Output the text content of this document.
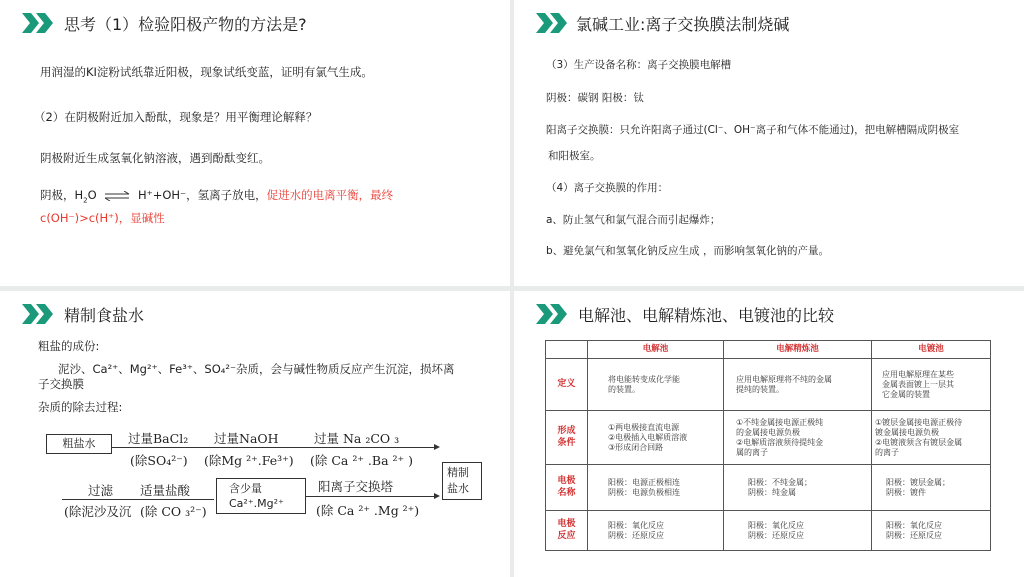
思考（1）检验阳极产物的方法是?
用润湿的KI淀粉试纸靠近阳极，现象试纸变蓝，证明有氯气生成。
（2）在阴极附近加入酚酞，现象是？用平衡理论解释？
阴极附近生成氢氧化钠溶液，遇到酚酞变红。
阴极，$H_2O$ ⇌ H⁺+OH⁻，氢离子放电，促进水的电离平衡，最终
c(OH⁻)>c(H⁺)，显碱性
氯碱工业:离子交换膜法制烧碱
（3）生产设备名称：离子交换膜电解槽
阴极：碳钢 阳极：钛
阳离子交换膜：只允许阳离子通过(Cl⁻、OH⁻离子和气体不能通过)，把电解槽隔成阴极室
和阳极室。
（4）离子交换膜的作用：
a、防止氢气和氯气混合而引起爆炸；
b、避免氯气和氢氧化钠反应生成 ，而影响氢氧化钠的产量。
精制食盐水
粗盐的成份:
泥沙、Ca²⁺、Mg²⁺、Fe³⁺、SO₄²⁻杂质，会与碱性物质反应产生沉淀，损坏离
子交换膜
杂质的除去过程:
粗盐水	过量BaCl₂
(除SO₄²⁻)
过量NaOH
(除Mg ²⁺.Fe³⁺)
过量 Na ₂CO ₃
(除 Ca ²⁺ .Ba ²⁺ )
精制
盐水
过滤
(除泥沙及沉
适量盐酸
(除 CO ₃²⁻)
含少量
Ca²⁺.Mg²⁺
阳离子交换塔
(除 Ca ²⁺ .Mg ²⁺)
电解池、电解精炼池、电镀池的比较
	电解池	电解精炼池	电镀池
定义	将电能转变成化学能
的装置。	应用电解原理将不纯的金属
提纯的装置。	应用电解原理在某些
金属表面镀上一层其
它金属的装置
形成
条件	①两电极接直流电源
②电极插入电解质溶液
③形成闭合回路	①不纯金属接电源正极纯
的金属接电源负极
②电解质溶液须待提纯金
属的离子	①镀层金属接电源正极待
镀金属接电源负极
②电镀液须含有镀层金属
的离子
电极
名称	阳极：电源正极相连
阴极：电源负极相连	阳极：不纯金属；
阴极：纯金属	阳极：镀层金属；
阴极：镀件
电极
反应	阳极：氧化反应
阴极：还原反应	阳极：氧化反应
阴极：还原反应	阳极：氧化反应
阴极：还原反应
